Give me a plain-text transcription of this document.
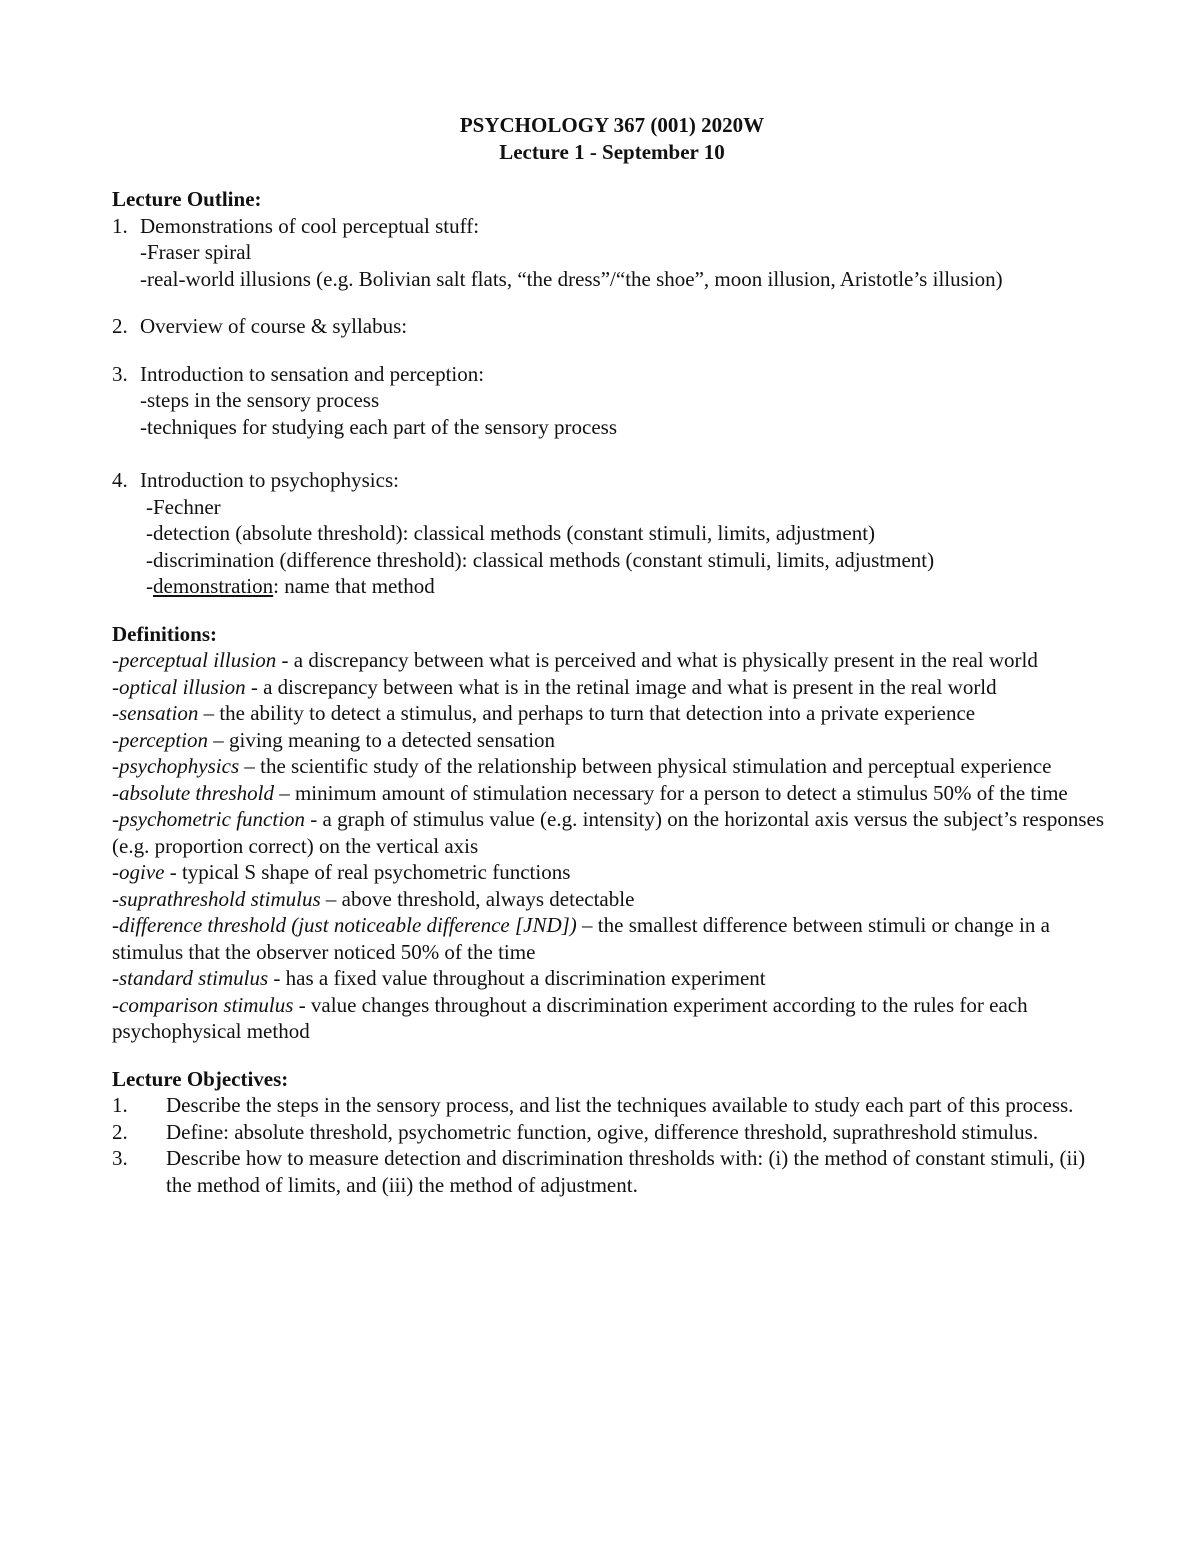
PSYCHOLOGY 367 (001) 2020W
Lecture 1 - September 10
Lecture Outline:
1. Demonstrations of cool perceptual stuff:
-Fraser spiral
-real-world illusions (e.g. Bolivian salt flats, “the dress”/“the shoe”, moon illusion, Aristotle’s illusion)
2. Overview of course & syllabus:
3. Introduction to sensation and perception:
-steps in the sensory process
-techniques for studying each part of the sensory process
4. Introduction to psychophysics:
-Fechner
-detection (absolute threshold): classical methods (constant stimuli, limits, adjustment)
-discrimination (difference threshold): classical methods (constant stimuli, limits, adjustment)
-demonstration: name that method
Definitions:
-perceptual illusion - a discrepancy between what is perceived and what is physically present in the real world
-optical illusion - a discrepancy between what is in the retinal image and what is present in the real world
-sensation – the ability to detect a stimulus, and perhaps to turn that detection into a private experience
-perception – giving meaning to a detected sensation
-psychophysics – the scientific study of the relationship between physical stimulation and perceptual experience
-absolute threshold – minimum amount of stimulation necessary for a person to detect a stimulus 50% of the time
-psychometric function - a graph of stimulus value (e.g. intensity) on the horizontal axis versus the subject’s responses (e.g. proportion correct) on the vertical axis
-ogive - typical S shape of real psychometric functions
-suprathreshold stimulus – above threshold, always detectable
-difference threshold (just noticeable difference [JND]) – the smallest difference between stimuli or change in a stimulus that the observer noticed 50% of the time
-standard stimulus - has a fixed value throughout a discrimination experiment
-comparison stimulus - value changes throughout a discrimination experiment according to the rules for each psychophysical method
Lecture Objectives:
1. Describe the steps in the sensory process, and list the techniques available to study each part of this process.
2. Define: absolute threshold, psychometric function, ogive, difference threshold, suprathreshold stimulus.
3. Describe how to measure detection and discrimination thresholds with: (i) the method of constant stimuli, (ii) the method of limits, and (iii) the method of adjustment.
